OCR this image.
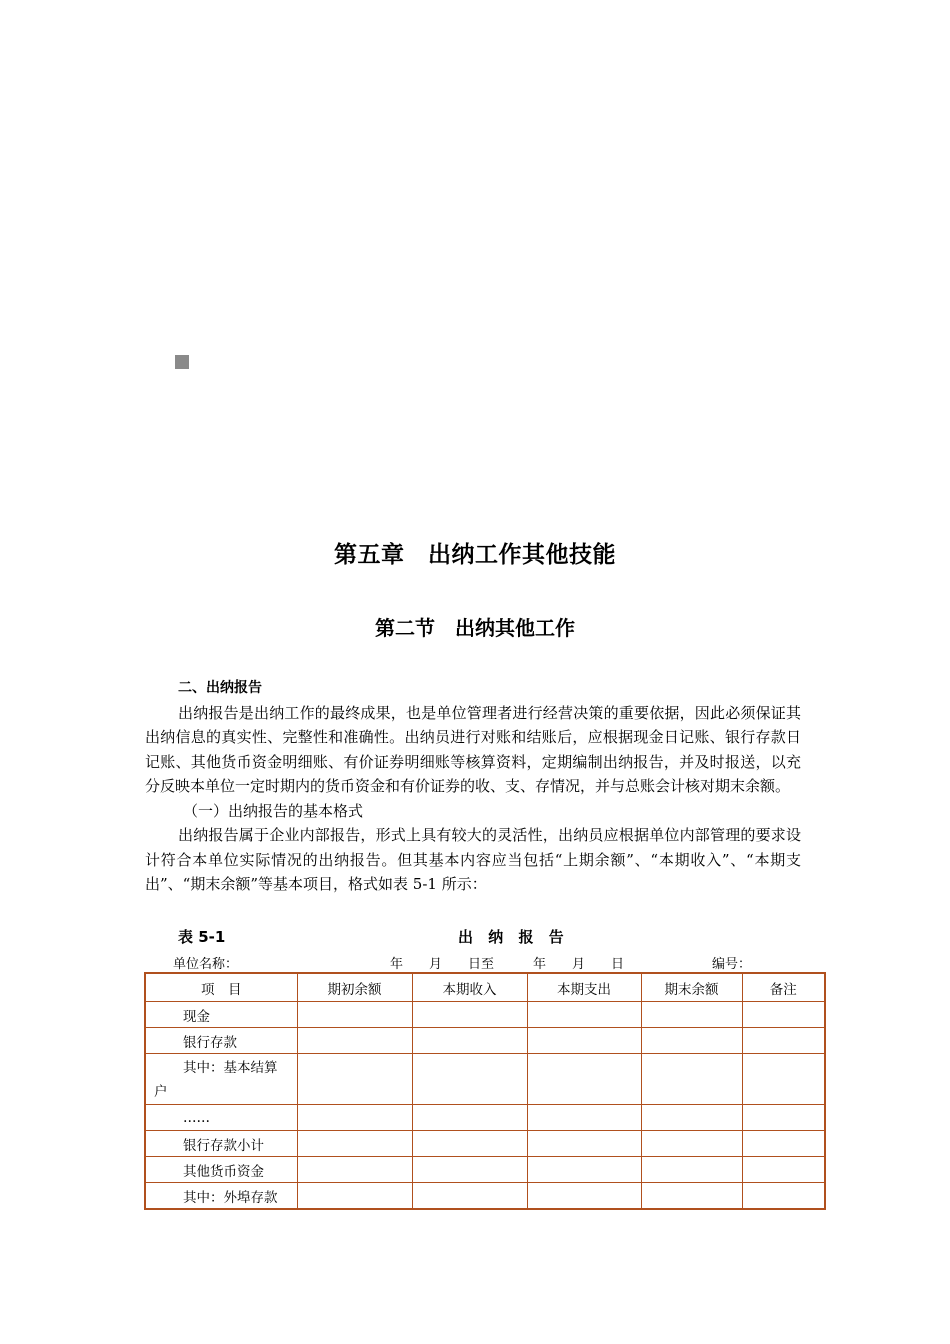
第五章　出纳工作其他技能
第二节　出纳其他工作

二、出纳报告

出纳报告是出纳工作的最终成果，也是单位管理者进行经营决策的重要依据，因此必须保证其出纳信息的真实性、完整性和准确性。出纳员进行对账和结账后，应根据现金日记账、银行存款日记账、其他货币资金明细账、有价证券明细账等核算资料，定期编制出纳报告，并及时报送，以充分反映本单位一定时期内的货币资金和有价证券的收、支、存情况，并与总账会计核对期末余额。

（一）出纳报告的基本格式

出纳报告属于企业内部报告，形式上具有较大的灵活性，出纳员应根据单位内部管理的要求设计符合本单位实际情况的出纳报告。但其基本内容应当包括“上期余额”、“本期收入”、“本期支出”、“期末余额”等基本项目，格式如表 5-1 所示：

表 5-1	出 纳 报 告
单位名称：	年　　月　　日至　　　年　　月　　日	编号：
项　目	期初余额	本期收入	本期支出	期末余额	备注
现金					
银行存款					
其中：基本结算户					
……					
银行存款小计					
其他货币资金					
其中：外埠存款					
